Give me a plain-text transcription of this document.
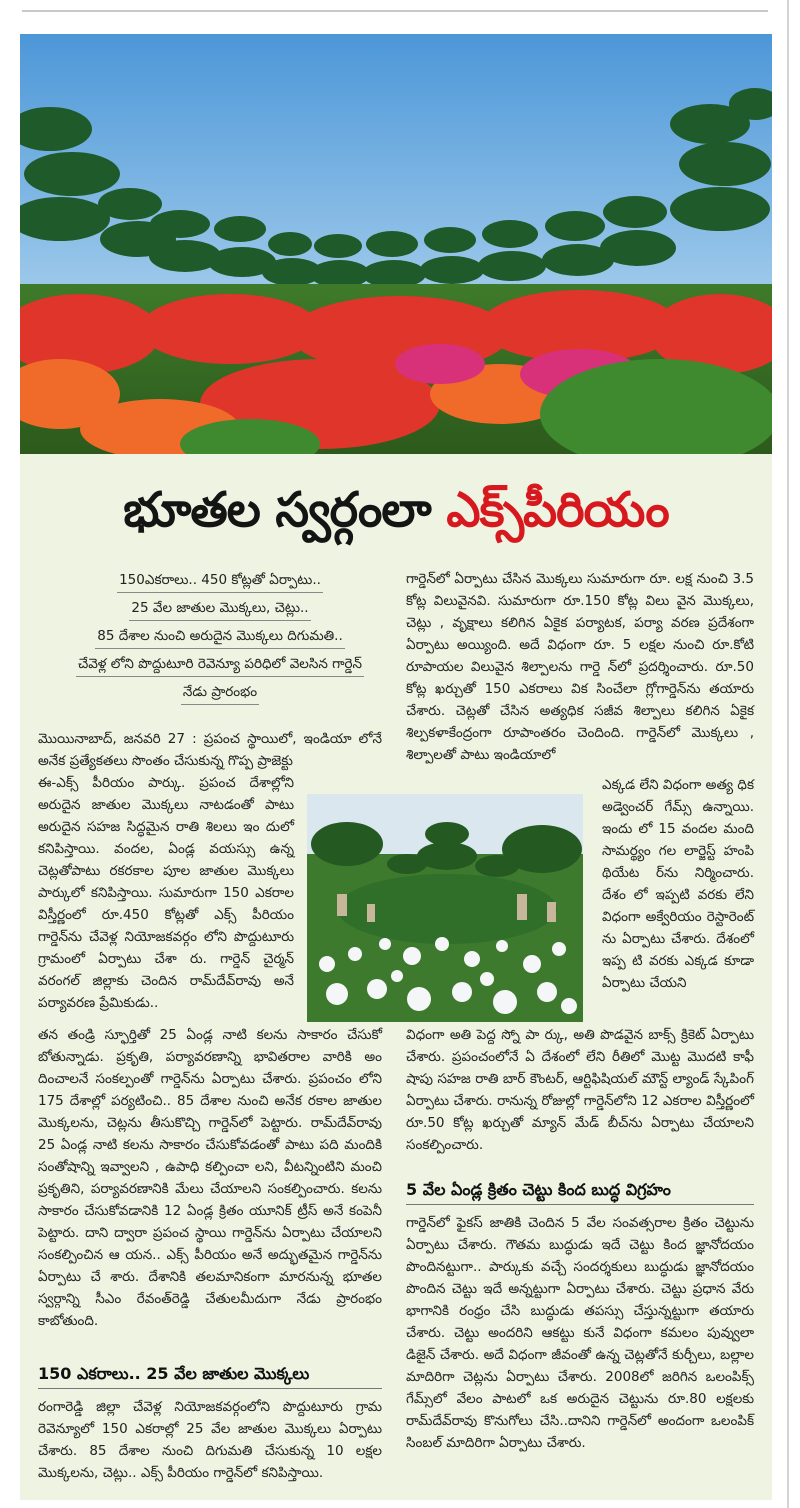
భూతల స్వర్గంలా ఎక్స్‌పీరియం
150ఎకరాలు.. 450 కోట్లతో ఏర్పాటు..
25 వేల జాతుల మొక్కలు, చెట్లు..
85 దేశాల నుంచి అరుదైన మొక్కలు దిగుమతి..
చేవెళ్ల లోని పొద్దుటూరి రెవెన్యూ పరిధిలో వెలసిన గార్డెన్
నేడు ప్రారంభం
మొయినాబాద్, జనవరి 27 : ప్రపంచ స్థాయిలో, ఇండియా లోనే అనేక ప్రత్యేకతలు సొంతం చేసుకున్న గొప్ప ప్రాజెక్టు
ఈ-ఎక్స్‌ పీరియం పార్కు. ప్రపంచ దేశాల్లోని అరుదైన జాతుల మొక్కలు నాటడంతో పాటు అరుదైన సహజ సిద్ధమైన రాతి శిలలు ఇం దులో కనిపిస్తాయి. వందల, ఏండ్ల వయస్సు ఉన్న చెట్లతోపాటు రకరకాల పూల జాతుల మొక్కలు పార్కులో కనిపిస్తాయి. సుమారుగా 150 ఎకరాల విస్తీర్ణంలో రూ.450 కోట్లతో ఎక్స్ పీరియం గార్డెన్‌ను చేవెళ్ల నియోజకవర్గం లోని పొద్దుటూరు గ్రామంలో ఏర్పాటు చేశా రు. గార్డెన్ చైర్మన్ వరంగల్ జిల్లాకు చెందిన రామ్‌దేవ్‌రావు అనే పర్యావరణ ప్రేమికుడు..
తన తండ్రి స్ఫూర్తితో 25 ఏండ్ల నాటి కలను సాకారం చేసుకో బోతున్నాడు. ప్రకృతి, పర్యావరణాన్ని భావితరాల వారికి అం దించాలనే సంకల్పంతో గార్డెన్‌ను ఏర్పాటు చేశారు. ప్రపంచం లోని 175 దేశాల్లో పర్యటించి.. 85 దేశాల నుంచి అనేక రకాల జాతుల మొక్కలను, చెట్లను తీసుకొచ్చి గార్డెన్‌లో పెట్టారు. రామ్‌దేవ్‌రావు 25 ఏండ్ల నాటి కలను సాకారం చేసుకోవడంతో పాటు పది మందికి సంతోషాన్ని ఇవ్వాలని , ఉపాధి కల్పించా లని, వీటన్నింటిని మంచి ప్రకృతిని, పర్యావరణానికి మేలు చేయాలని సంకల్పించారు. కలను సాకారం చేసుకోవడానికి 12 ఏండ్ల క్రితం యూనిక్ ట్రీస్ అనే కంపెనీ పెట్టారు. దాని ద్వారా ప్రపంచ స్థాయి గార్డెన్‌ను ఏర్పాటు చేయాలని సంకల్పించిన ఆ యన.. ఎక్స్ పీరియం అనే అద్భుతమైన గార్డెన్‌ను ఏర్పాటు చే శారు. దేశానికి తలమానికంగా మారనున్న భూతల స్వర్గాన్ని సీఎం రేవంత్‌రెడ్డి చేతులమీదుగా నేడు ప్రారంభం కాబోతుంది.
150 ఎకరాలు.. 25 వేల జాతుల మొక్కలు
రంగారెడ్డి జిల్లా చేవెళ్ల నియోజకవర్గంలోని పొద్దుటూరు గ్రామ రెవెన్యూలో 150 ఎకరాల్లో 25 వేల జాతుల మొక్కలు ఏర్పాటు చేశారు. 85 దేశాల నుంచి దిగుమతి చేసుకున్న 10 లక్షల మొక్కలను, చెట్లు.. ఎక్స్ పీరియం గార్డెన్‌లో కనిపిస్తాయి.
గార్డెన్‌లో ఏర్పాటు చేసిన మొక్కలు సుమారుగా రూ. లక్ష నుంచి 3.5 కోట్ల విలువైనవి. సుమారుగా రూ.150 కోట్ల విలు వైన మొక్కలు, చెట్లు , వృక్షాలు కలిగిన ఏకైక పర్యాటక, పర్యా వరణ ప్రదేశంగా ఏర్పాటు అయ్యింది. అదే విధంగా రూ. 5 లక్షల నుంచి రూ.కోటి రూపాయల విలువైన శిల్పాలను గార్డె న్‌లో ప్రదర్శించారు. రూ.50 కోట్ల ఖర్చుతో 150 ఎకరాలు విక సించేలా గ్లోగార్డెన్‌ను తయారు చేశారు. చెట్లతో చేసిన అత్యధిక సజీవ శిల్పాలు కలిగిన ఏకైక శిల్పకళాకేంద్రంగా రూపాంతరం చెందింది. గార్డెన్‌లో మొక్కలు , శిల్పాలతో పాటు ఇండియాలో
ఎక్కడ లేని విధంగా అత్య ధిక అడ్వెంచర్ గేమ్స్ ఉన్నాయి. ఇందు లో 15 వందల మంది సామర్థ్యం గల లార్జెస్ట్ హంపి థియేట ర్‌ను నిర్మించారు. దేశం లో ఇప్పటి వరకు లేని విధంగా అక్వేరియం రెస్టారెంట్ ను ఏర్పాటు చేశారు. దేశంలో ఇప్ప టి వరకు ఎక్కడ కూడా ఏర్పాటు చేయని
విధంగా అతి పెద్ద స్నో పా ర్కు, అతి పొడవైన బాక్స్ క్రికెట్ ఏర్పాటు చేశారు. ప్రపంచంలోనే ఏ దేశంలో లేని రీతిలో మొట్ట మొదటి కాఫీ షాపు సహజ రాతి బార్ కౌంటర్, ఆర్టిఫిషియల్ మౌన్ట్ ల్యాండ్ స్కేపింగ్ ఏర్పాటు చేశారు. రానున్న రోజుల్లో గార్డెన్‌లోని 12 ఎకరాల విస్తీర్ణంలో రూ.50 కోట్ల ఖర్చుతో మ్యాన్ మేడ్ బీచ్‌ను ఏర్పాటు చేయాలని సంకల్పించారు.
5 వేల ఏండ్ల క్రితం చెట్టు కింద బుద్ధ విగ్రహం
గార్డెన్‌లో ఫైకస్ జాతికి చెందిన 5 వేల సంవత్సరాల క్రితం చెట్టును ఏర్పాటు చేశారు. గౌతమ బుద్ధుడు ఇదే చెట్టు కింద జ్ఞానోదయం పొందినట్టుగా.. పార్కుకు వచ్చే సందర్శకులు బుద్ధుడు జ్ఞానోదయం పొందిన చెట్టు ఇదే అన్నట్టుగా ఏర్పాటు చేశారు. చెట్టు ప్రధాన వేరు భాగానికి రంధ్రం చేసి బుద్ధుడు తపస్సు చేస్తున్నట్టుగా తయారు చేశారు. చెట్టు అందరిని ఆకట్టు కునే విధంగా కమలం పువ్వులా డిజైన్ చేశారు. అదే విధంగా జీవంతో ఉన్న చెట్లతోనే కుర్చీలు, బల్లాల మాదిరిగా చెట్లను ఏర్పాటు చేశారు. 2008లో జరిగిన ఒలంపిక్స్ గేమ్స్‌లో వేలం పాటలో ఒక అరుదైన చెట్టును రూ.80 లక్షలకు రామ్‌దేవ్‌రావు కొనుగోలు చేసి..దానిని గార్డెన్‌లో అందంగా ఒలంపిక్ సింబల్ మాదిరిగా ఏర్పాటు చేశారు.
